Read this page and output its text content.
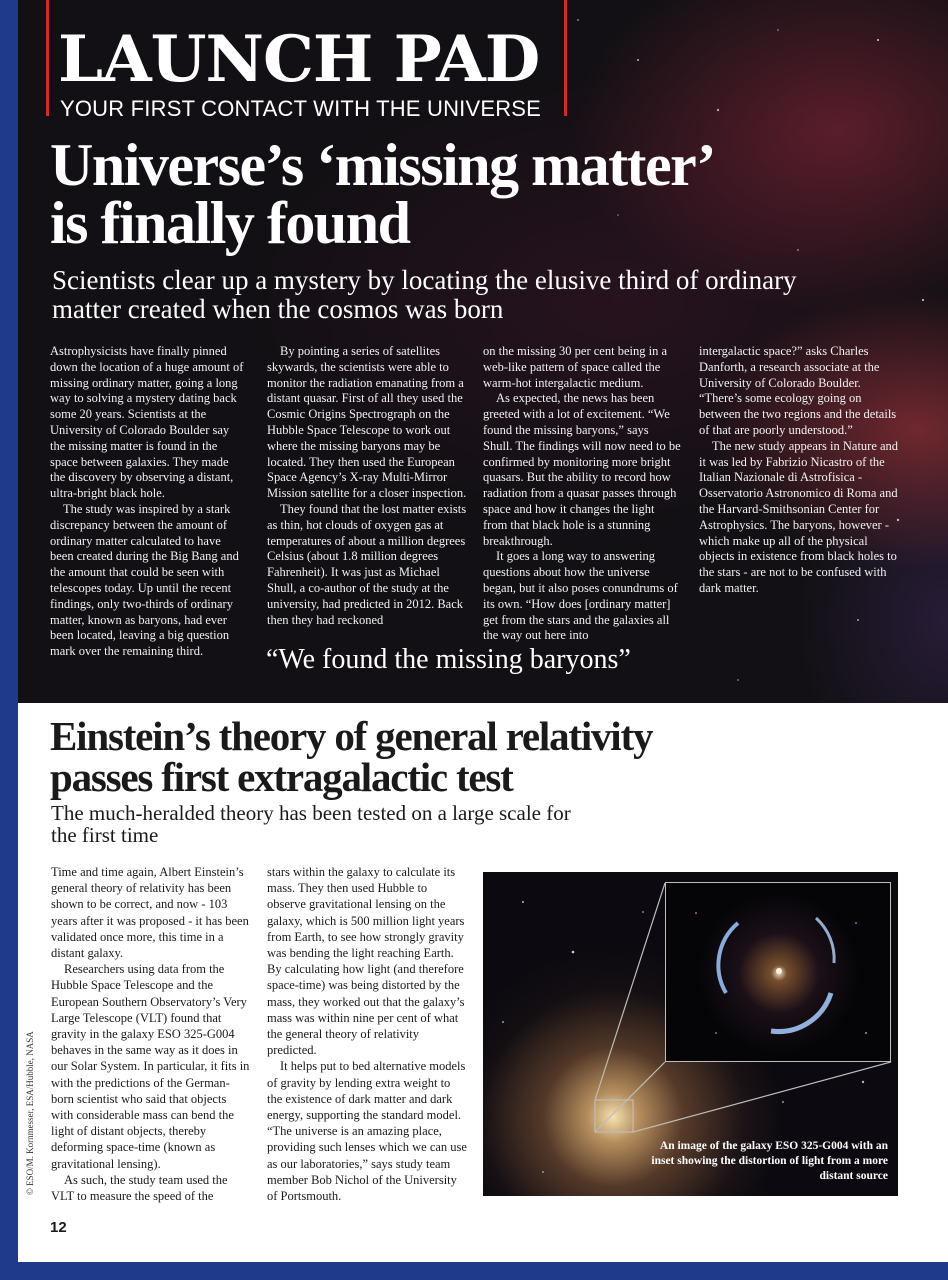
LAUNCH PAD
YOUR FIRST CONTACT WITH THE UNIVERSE
Universe’s ‘missing matter’
is finally found
Scientists clear up a mystery by locating the elusive third of ordinary matter created when the cosmos was born

Astrophysicists have finally pinned down the location of a huge amount of missing ordinary matter, going a long way to solving a mystery dating back some 20 years. Scientists at the University of Colorado Boulder say the missing matter is found in the space between galaxies. They made the discovery by observing a distant, ultra-bright black hole.

The study was inspired by a stark discrepancy between the amount of ordinary matter calculated to have been created during the Big Bang and the amount that could be seen with telescopes today. Up until the recent findings, only two-thirds of ordinary matter, known as baryons, had ever been located, leaving a big question mark over the remaining third.

By pointing a series of satellites skywards, the scientists were able to monitor the radiation emanating from a distant quasar. First of all they used the Cosmic Origins Spectrograph on the Hubble Space Telescope to work out where the missing baryons may be located. They then used the European Space Agency’s X-ray Multi-Mirror Mission satellite for a closer inspection.

They found that the lost matter exists as thin, hot clouds of oxygen gas at temperatures of about a million degrees Celsius (about 1.8 million degrees Fahrenheit). It was just as Michael Shull, a co-author of the study at the university, had predicted in 2012. Back then they had reckoned

on the missing 30 per cent being in a web-like pattern of space called the warm-hot intergalactic medium.

As expected, the news has been greeted with a lot of excitement. “We found the missing baryons,” says Shull. The findings will now need to be confirmed by monitoring more bright quasars. But the ability to record how radiation from a quasar passes through space and how it changes the light from that black hole is a stunning breakthrough.

It goes a long way to answering questions about how the universe began, but it also poses conundrums of its own. “How does [ordinary matter] get from the stars and the galaxies all the way out here into

intergalactic space?” asks Charles Danforth, a research associate at the University of Colorado Boulder. “There’s some ecology going on between the two regions and the details of that are poorly understood.”

The new study appears in Nature and it was led by Fabrizio Nicastro of the Italian Nazionale di Astrofisica - Osservatorio Astronomico di Roma and the Harvard-Smithsonian Center for Astrophysics. The baryons, however - which make up all of the physical objects in existence from black holes to the stars - are not to be confused with dark matter.

“We found the missing baryons”
Einstein’s theory of general relativity
passes first extragalactic test
The much-heralded theory has been tested on a large scale for the first time

Time and time again, Albert Einstein’s general theory of relativity has been shown to be correct, and now - 103 years after it was proposed - it has been validated once more, this time in a distant galaxy.

Researchers using data from the Hubble Space Telescope and the European Southern Observatory’s Very Large Telescope (VLT) found that gravity in the galaxy ESO 325-G004 behaves in the same way as it does in our Solar System. In particular, it fits in with the predictions of the German-born scientist who said that objects with considerable mass can bend the light of distant objects, thereby deforming space-time (known as gravitational lensing).

As such, the study team used the VLT to measure the speed of the

stars within the galaxy to calculate its mass. They then used Hubble to observe gravitational lensing on the galaxy, which is 500 million light years from Earth, to see how strongly gravity was bending the light reaching Earth. By calculating how light (and therefore space-time) was being distorted by the mass, they worked out that the galaxy’s mass was within nine per cent of what the general theory of relativity predicted.

It helps put to bed alternative models of gravity by lending extra weight to the existence of dark matter and dark energy, supporting the standard model. “The universe is an amazing place, providing such lenses which we can use as our laboratories,” says study team member Bob Nichol of the University of Portsmouth.

An image of the galaxy ESO 325-G004 with an inset showing the distortion of light from a more distant source
© ESO/M. Kornmesser, ESA/Hubble, NASA
12
